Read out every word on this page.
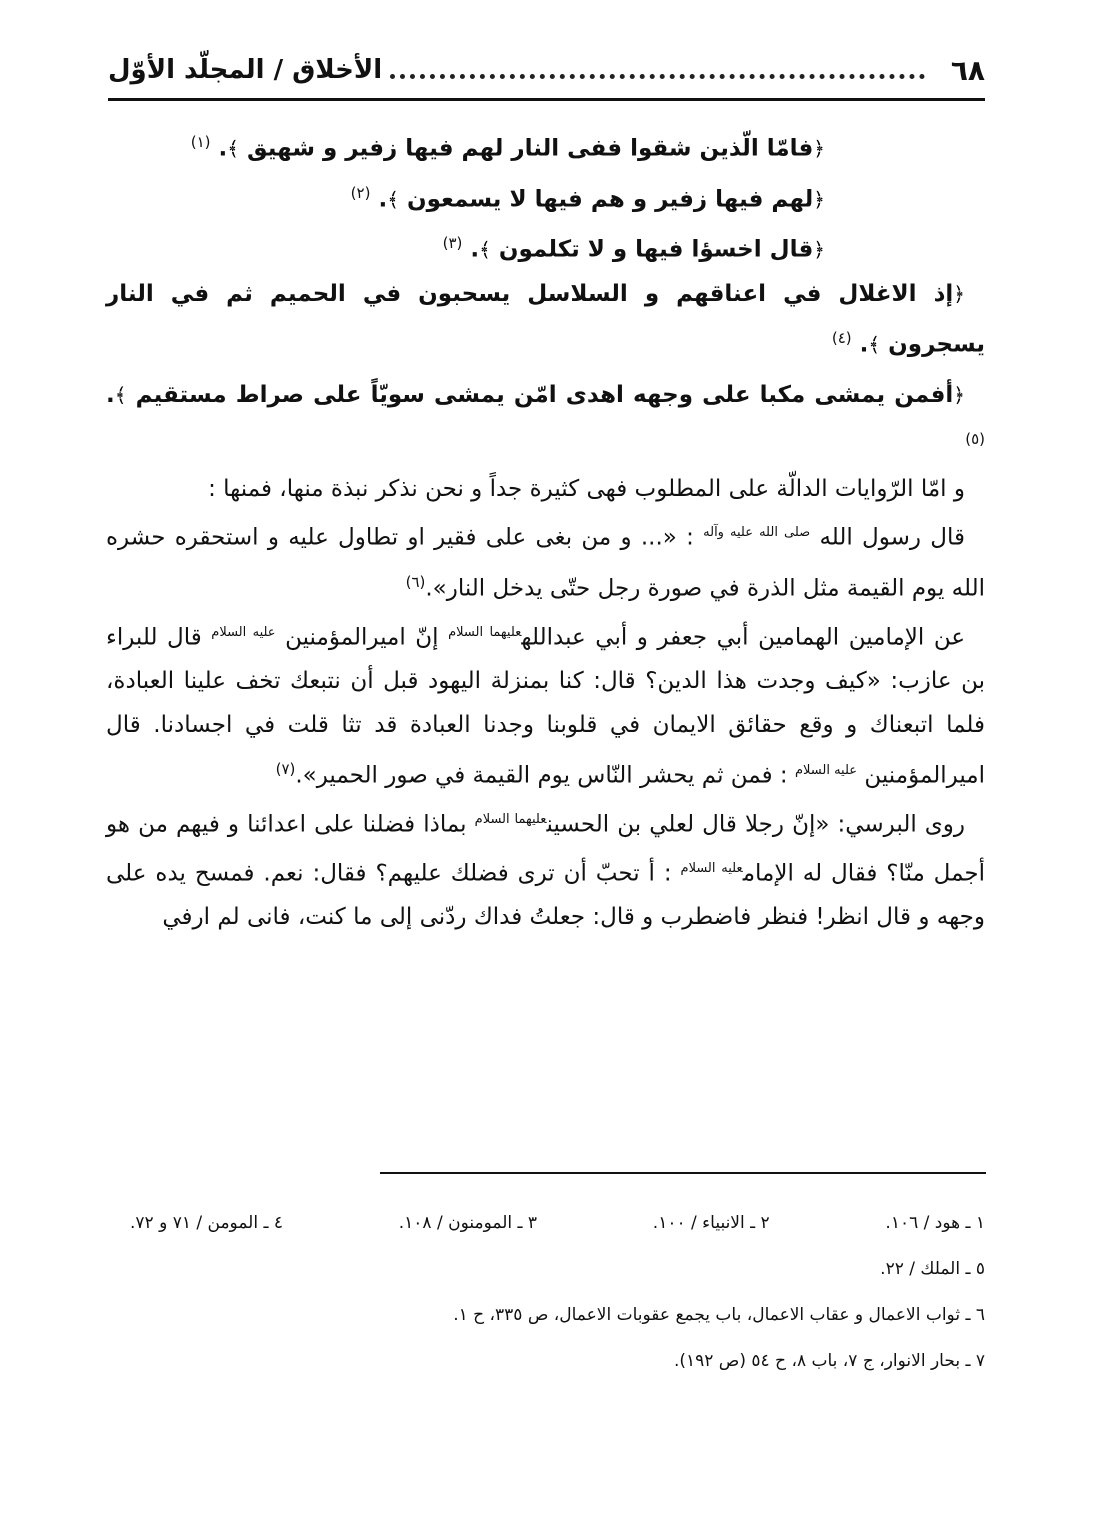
٦٨
الأخلاق / المجلّد الأوّل

﴿فامّا الّذين شقوا ففى النار لهم فيها زفير و شهيق ﴾. $^{(١)}$

﴿لهم فيها زفير و هم فيها لا يسمعون ﴾. $^{(٢)}$

﴿قال اخسؤا فيها و لا تكلمون ﴾. $^{(٣)}$

﴿إذ الاغلال في اعناقهم و السلاسل يسحبون في الحميم ثم في النار يسجرون ﴾. $^{(٤)}$

﴿أفمن يمشى مكبا على وجهه اهدى امّن يمشى سويّاً على صراط مستقيم ﴾. $^{(٥)}$

و امّا الرّوايات الدالّة على المطلوب فهى كثيرة جداً و نحن نذكر نبذة منها، فمنها :

قال رسول الله $^{صلى الله عليه وآله}$ : «... و من بغى على فقير او تطاول عليه و استحقره حشره الله يوم القيمة مثل الذرة في صورة رجل حتّى يدخل النار».$^{(٦)}$

عن الإمامين الهمامين أبي جعفر و أبي عبدالله$^{عليهما السلام}$ إنّ اميرالمؤمنين $^{عليه السلام}$ قال للبراء بن عازب: «كيف وجدت هذا الدين؟ قال: كنا بمنزلة اليهود قبل أن نتبعك تخف علينا العبادة، فلما اتبعناك و وقع حقائق الايمان في قلوبنا وجدنا العبادة قد تثا قلت في اجسادنا. قال اميرالمؤمنين $^{عليه السلام}$ : فمن ثم يحشر النّاس يوم القيمة في صور الحمير».$^{(٧)}$

روى البرسي: «إنّ رجلا قال لعلي بن الحسين$^{عليهما السلام}$ بماذا فضلنا على اعدائنا و فيهم من هو أجمل منّا؟ فقال له الإمام$^{عليه السلام}$ : أ تحبّ أن ترى فضلك عليهم؟ فقال: نعم. فمسح يده على وجهه و قال انظر! فنظر فاضطرب و قال: جعلتُ فداك ردّنى إلى ما كنت، فانى لم ارفي

١ ـ هود / ١٠٦.
٢ ـ الانبياء / ١٠٠.
٣ ـ المومنون / ١٠٨.
٤ ـ المومن / ٧١ و ٧٢.
٥ ـ الملك / ٢٢.
٦ ـ ثواب الاعمال و عقاب الاعمال، باب يجمع عقوبات الاعمال، ص ٣٣٥، ح ١.
٧ ـ بحار الانوار، ج ٧، باب ٨، ح ٥٤ (ص ١٩٢).
